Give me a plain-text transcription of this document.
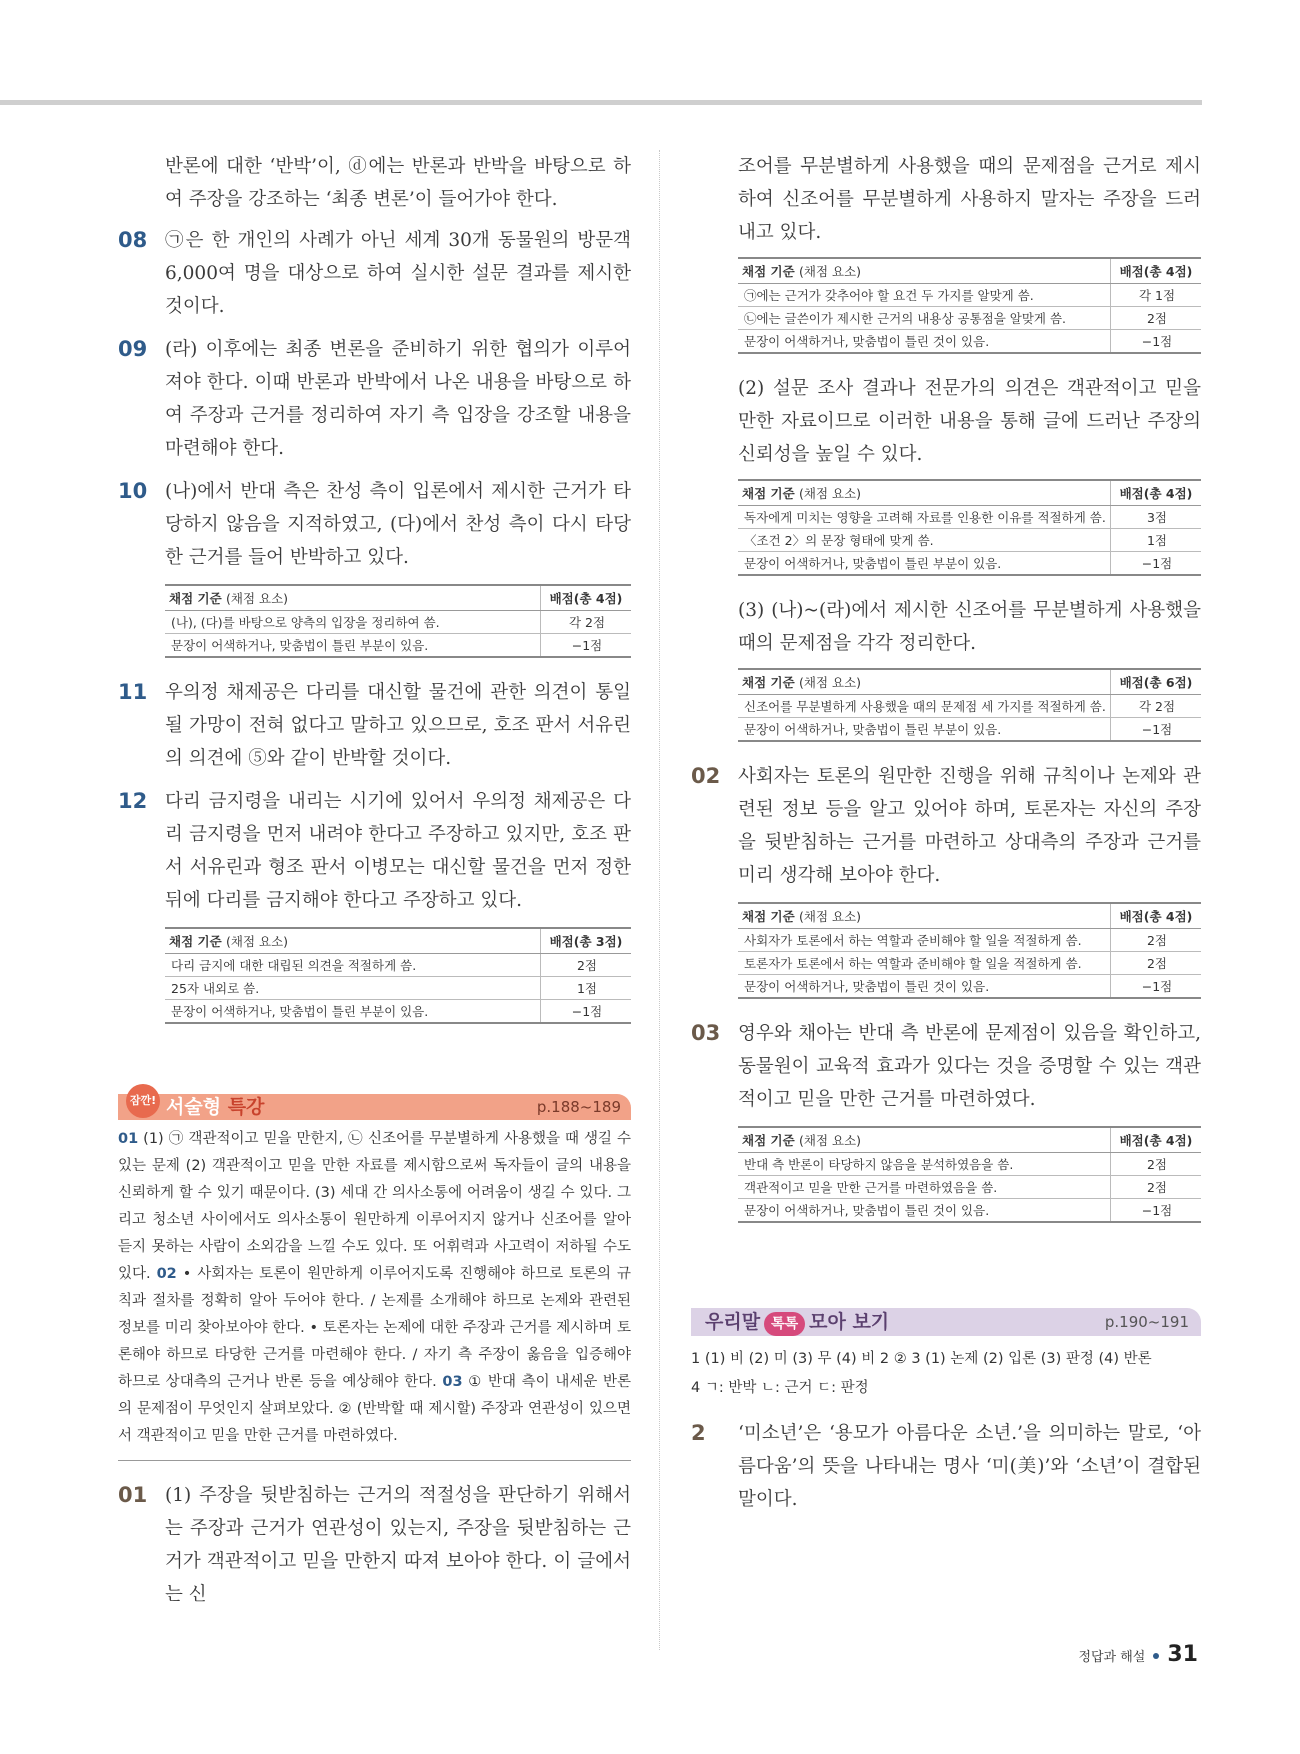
반론에 대한 ‘반박’이, ⓓ에는 반론과 반박을 바탕으로 하여 주장을 강조하는 ‘최종 변론’이 들어가야 한다.

08 ㉠은 한 개인의 사례가 아닌 세계 30개 동물원의 방문객 6,000여 명을 대상으로 하여 실시한 설문 결과를 제시한 것이다.
09 (라) 이후에는 최종 변론을 준비하기 위한 협의가 이루어져야 한다. 이때 반론과 반박에서 나온 내용을 바탕으로 하여 주장과 근거를 정리하여 자기 측 입장을 강조할 내용을 마련해야 한다.
10 (나)에서 반대 측은 찬성 측이 입론에서 제시한 근거가 타당하지 않음을 지적하였고, (다)에서 찬성 측이 다시 타당한 근거를 들어 반박하고 있다.
채점 기준 (채점 요소)	배점(총 4점)
(나), (다)를 바탕으로 양측의 입장을 정리하여 씀.	각 2점
문장이 어색하거나, 맞춤법이 틀린 부분이 있음.	−1점
11 우의정 채제공은 다리를 대신할 물건에 관한 의견이 통일될 가망이 전혀 없다고 말하고 있으므로, 호조 판서 서유린의 의견에 ⑤와 같이 반박할 것이다.
12 다리 금지령을 내리는 시기에 있어서 우의정 채제공은 다리 금지령을 먼저 내려야 한다고 주장하고 있지만, 호조 판서 서유린과 형조 판서 이병모는 대신할 물건을 먼저 정한 뒤에 다리를 금지해야 한다고 주장하고 있다.
채점 기준 (채점 요소)	배점(총 3점)
다리 금지에 대한 대립된 의견을 적절하게 씀.	2점
25자 내외로 씀.	1점
문장이 어색하거나, 맞춤법이 틀린 부분이 있음.	−1점
잠깐! 서술형 특강	p.188~189
01 (1) ㉠ 객관적이고 믿을 만한지, ㉡ 신조어를 무분별하게 사용했을 때 생길 수 있는 문제 (2) 객관적이고 믿을 만한 자료를 제시함으로써 독자들이 글의 내용을 신뢰하게 할 수 있기 때문이다. (3) 세대 간 의사소통에 어려움이 생길 수 있다. 그리고 청소년 사이에서도 의사소통이 원만하게 이루어지지 않거나 신조어를 알아듣지 못하는 사람이 소외감을 느낄 수도 있다. 또 어휘력과 사고력이 저하될 수도 있다. 02 • 사회자는 토론이 원만하게 이루어지도록 진행해야 하므로 토론의 규칙과 절차를 정확히 알아 두어야 한다. / 논제를 소개해야 하므로 논제와 관련된 정보를 미리 찾아보아야 한다. • 토론자는 논제에 대한 주장과 근거를 제시하며 토론해야 하므로 타당한 근거를 마련해야 한다. / 자기 측 주장이 옳음을 입증해야 하므로 상대측의 근거나 반론 등을 예상해야 한다. 03 ① 반대 측이 내세운 반론의 문제점이 무엇인지 살펴보았다. ② (반박할 때 제시할) 주장과 연관성이 있으면서 객관적이고 믿을 만한 근거를 마련하였다.
01 (1) 주장을 뒷받침하는 근거의 적절성을 판단하기 위해서는 주장과 근거가 연관성이 있는지, 주장을 뒷받침하는 근거가 객관적이고 믿을 만한지 따져 보아야 한다. 이 글에서는 신

조어를 무분별하게 사용했을 때의 문제점을 근거로 제시하여 신조어를 무분별하게 사용하지 말자는 주장을 드러내고 있다.

채점 기준 (채점 요소)	배점(총 4점)
㉠에는 근거가 갖추어야 할 요건 두 가지를 알맞게 씀.	각 1점
㉡에는 글쓴이가 제시한 근거의 내용상 공통점을 알맞게 씀.	2점
문장이 어색하거나, 맞춤법이 틀린 것이 있음.	−1점

(2) 설문 조사 결과나 전문가의 의견은 객관적이고 믿을 만한 자료이므로 이러한 내용을 통해 글에 드러난 주장의 신뢰성을 높일 수 있다.

채점 기준 (채점 요소)	배점(총 4점)
독자에게 미치는 영향을 고려해 자료를 인용한 이유를 적절하게 씀.	3점
〈조건 2〉의 문장 형태에 맞게 씀.	1점
문장이 어색하거나, 맞춤법이 틀린 부분이 있음.	−1점

(3) (나)~(라)에서 제시한 신조어를 무분별하게 사용했을 때의 문제점을 각각 정리한다.

채점 기준 (채점 요소)	배점(총 6점)
신조어를 무분별하게 사용했을 때의 문제점 세 가지를 적절하게 씀.	각 2점
문장이 어색하거나, 맞춤법이 틀린 부분이 있음.	−1점
02 사회자는 토론의 원만한 진행을 위해 규칙이나 논제와 관련된 정보 등을 알고 있어야 하며, 토론자는 자신의 주장을 뒷받침하는 근거를 마련하고 상대측의 주장과 근거를 미리 생각해 보아야 한다.
채점 기준 (채점 요소)	배점(총 4점)
사회자가 토론에서 하는 역할과 준비해야 할 일을 적절하게 씀.	2점
토론자가 토론에서 하는 역할과 준비해야 할 일을 적절하게 씀.	2점
문장이 어색하거나, 맞춤법이 틀린 것이 있음.	−1점
03 영우와 채아는 반대 측 반론에 문제점이 있음을 확인하고, 동물원이 교육적 효과가 있다는 것을 증명할 수 있는 객관적이고 믿을 만한 근거를 마련하였다.
채점 기준 (채점 요소)	배점(총 4점)
반대 측 반론이 타당하지 않음을 분석하였음을 씀.	2점
객관적이고 믿을 만한 근거를 마련하였음을 씀.	2점
문장이 어색하거나, 맞춤법이 틀린 것이 있음.	−1점
우리말 톡톡 모아 보기	p.190~191
1 (1) 비 (2) 미 (3) 무 (4) 비 2 ② 3 (1) 논제 (2) 입론 (3) 판정 (4) 반론
4 ㄱ: 반박 ㄴ: 근거 ㄷ: 판정
2 ‘미소년’은 ‘용모가 아름다운 소년.’을 의미하는 말로, ‘아름다움’의 뜻을 나타내는 명사 ‘미(美)’와 ‘소년’이 결합된 말이다.
정답과 해설 31
